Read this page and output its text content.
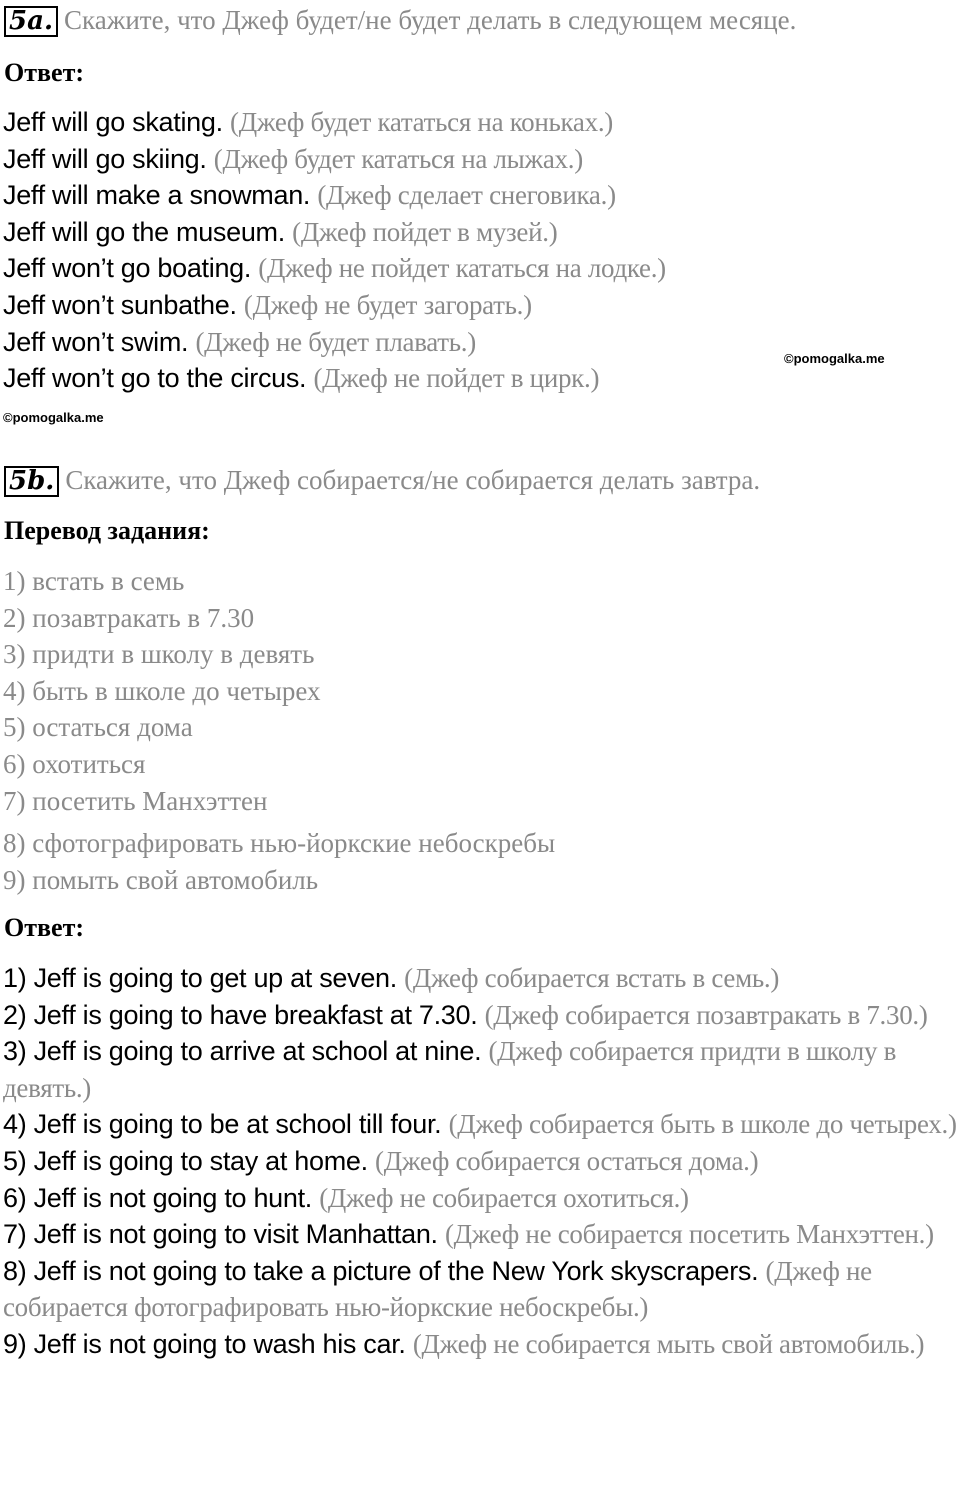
5a. Скажите, что Джеф будет/не будет делать в следующем месяце.
Ответ:
Jeff will go skating. (Джеф будет кататься на коньках.)
Jeff will go skiing. (Джеф будет кататься на лыжах.)
Jeff will make a snowman. (Джеф сделает снеговика.)
Jeff will go the museum. (Джеф пойдет в музей.)
Jeff won’t go boating. (Джеф не пойдет кататься на лодке.)
Jeff won’t sunbathe. (Джеф не будет загорать.)
Jeff won’t swim. (Джеф не будет плавать.)
Jeff won’t go to the circus. (Джеф не пойдет в цирк.)
©pomogalka.me
©pomogalka.me
5b. Скажите, что Джеф собирается/не собирается делать завтра.
Перевод задания:
1) встать в семь
2) позавтракать в 7.30
3) придти в школу в девять
4) быть в школе до четырех
5) остаться дома
6) охотиться
7) посетить Манхэттен
8) сфотографировать нью-йоркские небоскребы
9) помыть свой автомобиль
Ответ:
1) Jeff is going to get up at seven. (Джеф собирается встать в семь.)
2) Jeff is going to have breakfast at 7.30. (Джеф собирается позавтракать в 7.30.)
3) Jeff is going to arrive at school at nine. (Джеф собирается придти в школу в девять.)
4) Jeff is going to be at school till four. (Джеф собирается быть в школе до четырех.)
5) Jeff is going to stay at home. (Джеф собирается остаться дома.)
6) Jeff is not going to hunt. (Джеф не собирается охотиться.)
7) Jeff is not going to visit Manhattan. (Джеф не собирается посетить Манхэттен.)
8) Jeff is not going to take a picture of the New York skyscrapers. (Джеф не собирается фотографировать нью-йоркские небоскребы.)
9) Jeff is not going to wash his car. (Джеф не собирается мыть свой автомобиль.)
